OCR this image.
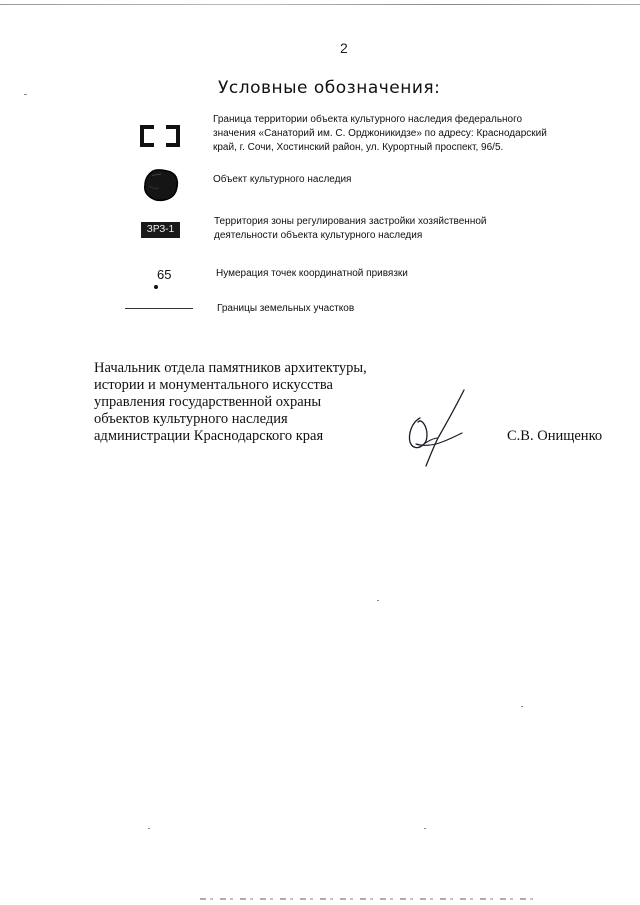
2
Условные обозначения:
Граница территории объекта культурного наследия федерального
значения «Санаторий им. С. Орджоникидзе» по адресу: Краснодарский
край, г. Сочи, Хостинский район, ул. Курортный проспект, 96/5.
Объект культурного наследия
ЗРЗ-1
Территория зоны регулирования застройки хозяйственной
деятельности объекта культурного наследия
65	Нумерация точек координатной привязки
Границы земельных участков
Начальник отдела памятников архитектуры,
истории и монументального искусства
управления государственной охраны
объектов культурного наследия
администрации Краснодарского края	С.В. Онищенко
